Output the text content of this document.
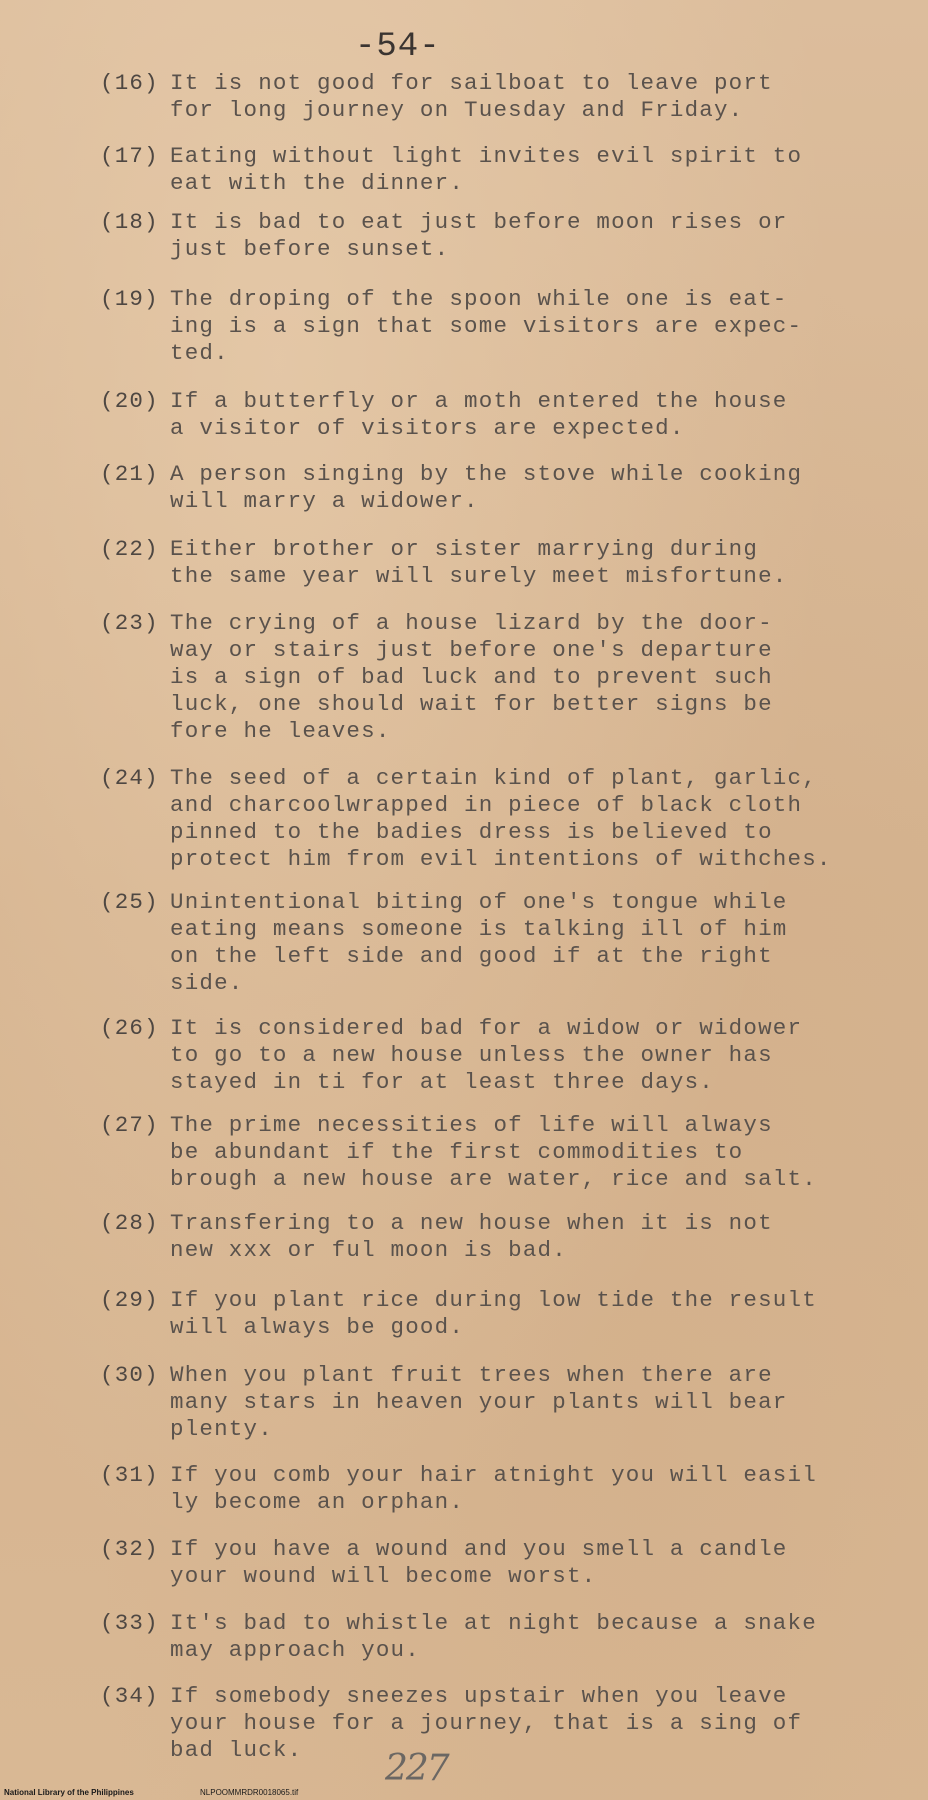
-54-
(16) It is not good for sailboat to leave port
for long journey on Tuesday and Friday.
(17) Eating without light invites evil spirit to
eat with the dinner.
(18) It is bad to eat just before moon rises or
just before sunset.
(19) The droping of the spoon while one is eat-
ing is a sign that some visitors are expec-
ted.
(20) If a butterfly or a moth entered the house
a visitor of visitors are expected.
(21) A person singing by the stove while cooking
will marry a widower.
(22) Either brother or sister marrying during
the same year will surely meet misfortune.
(23) The crying of a house lizard by the door-
way or stairs just before one's departure
is a sign of bad luck and to prevent such
luck, one should wait for better signs be
fore he leaves.
(24) The seed of a certain kind of plant, garlic,
and charcoolwrapped in piece of black cloth
pinned to the badies dress is believed to
protect him from evil intentions of withches.
(25) Unintentional biting of one's tongue while
eating means someone is talking ill of him
on the left side and good if at the right
side.
(26) It is considered bad for a widow or widower
to go to a new house unless the owner has
stayed in ti for at least three days.
(27) The prime necessities of life will always
be abundant if the first commodities to
brough a new house are water, rice and salt.
(28) Transfering to a new house when it is not
new xxx or ful moon is bad.
(29) If you plant rice during low tide the result
will always be good.
(30) When you plant fruit trees when there are
many stars in heaven your plants will bear
plenty.
(31) If you comb your hair atnight you will easil
ly become an orphan.
(32) If you have a wound and you smell a candle
your wound will become worst.
(33) It's bad to whistle at night because a snake
may approach you.
(34) If somebody sneezes upstair when you leave
your house for a journey, that is a sing of
bad luck.	227
National Library of the Philippines	NLPOOMMRDR0018065.tif
